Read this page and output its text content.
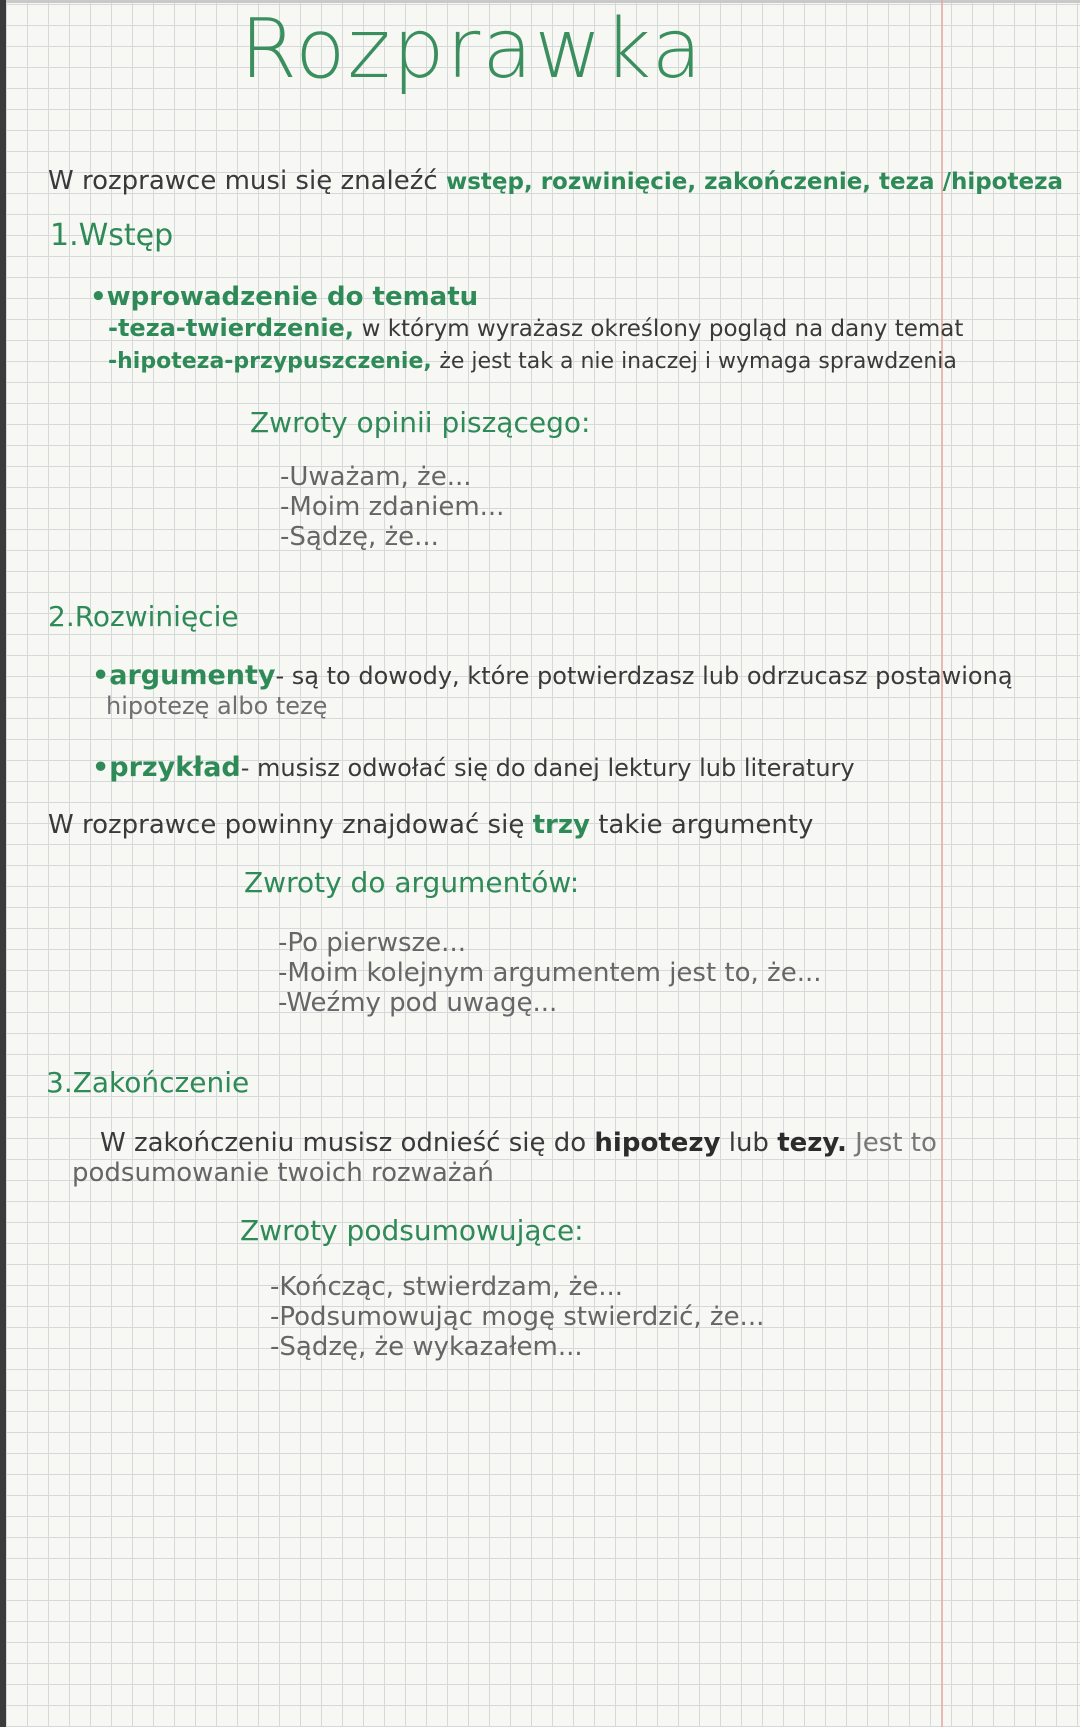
Rozprawka
W rozprawce musi się znaleźć wstęp, rozwinięcie, zakończenie, teza /hipoteza
1.Wstęp
•wprowadzenie do tematu
-teza-twierdzenie, w którym wyrażasz określony pogląd na dany temat
-hipoteza-przypuszczenie, że jest tak a nie inaczej i wymaga sprawdzenia
Zwroty opinii piszącego:
-Uważam, że...
-Moim zdaniem...
-Sądzę, że...
2.Rozwinięcie
•argumenty- są to dowody, które potwierdzasz lub odrzucasz postawioną
hipotezę albo tezę
•przykład- musisz odwołać się do danej lektury lub literatury
W rozprawce powinny znajdować się trzy takie argumenty
Zwroty do argumentów:
-Po pierwsze...
-Moim kolejnym argumentem jest to, że...
-Weźmy pod uwagę...
3.Zakończenie
W zakończeniu musisz odnieść się do hipotezy lub tezy. Jest to
podsumowanie twoich rozważań
Zwroty podsumowujące:
-Kończąc, stwierdzam, że...
-Podsumowując mogę stwierdzić, że...
-Sądzę, że wykazałem...
